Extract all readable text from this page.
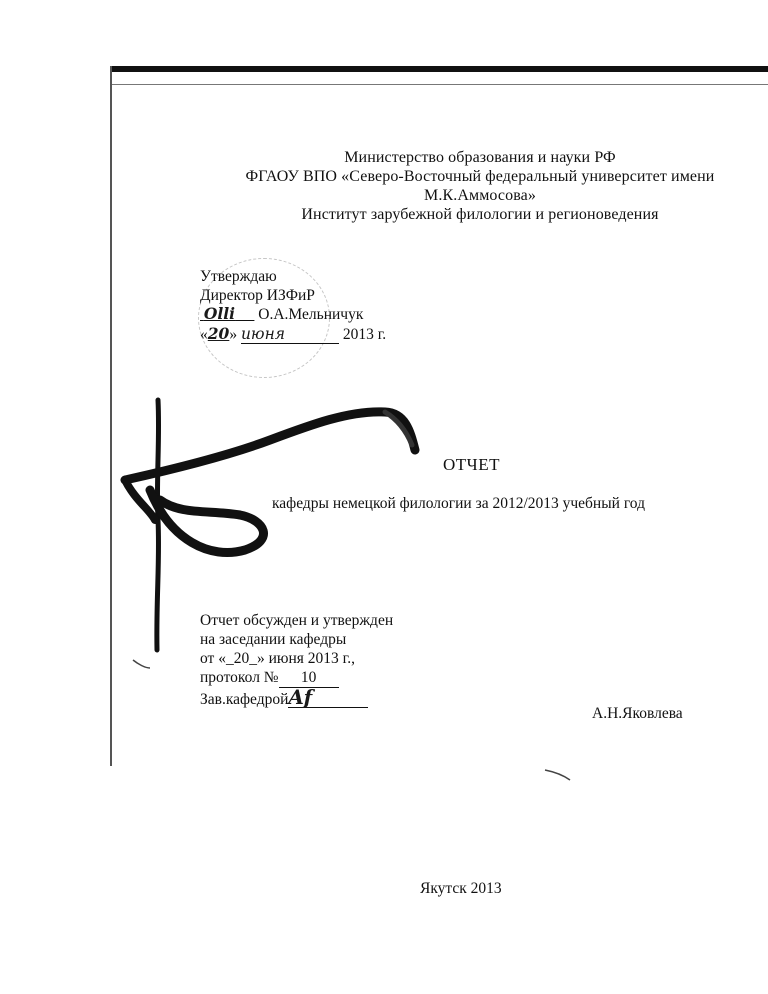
Министерство образования и науки РФ
ФГАОУ ВПО «Северо-Восточный федеральный университет имени
М.К.Аммосова»
Институт зарубежной филологии и регионоведения
Утверждаю
Директор ИЗФиР
Olli О.А.Мельничук
«20» июня	2013 г.
ОТЧЕТ
кафедры немецкой филологии за 2012/2013 учебный год
Отчет обсужден и утвержден
на заседании кафедры
от «_20_» июня 2013 г.,
протокол № 10
Зав.кафедройAf
А.Н.Яковлева
Якутск 2013
